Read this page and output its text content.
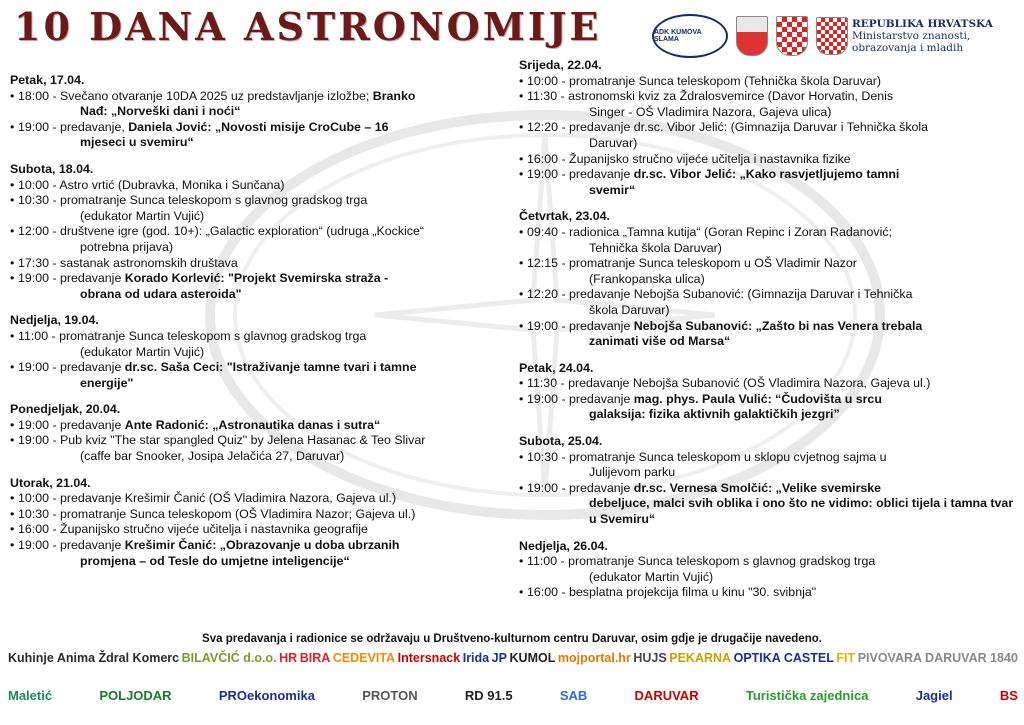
10 DANA ASTRONOMIJE	ADK KUMOVA SLAMA
REPUBLIKA HRVATSKA
Ministarstvo znanosti,
obrazovanja i mladih
Petak, 17.04.
• 18:00 - Svečano otvaranje 10DA 2025 uz predstavljanje izložbe; Branko
Nađ: „Norveški dani i noći“
• 19:00 - predavanje, Daniela Jović: „Novosti misije CroCube – 16
mjeseci u svemiru“
Subota, 18.04.
• 10:00 - Astro vrtić (Dubravka, Monika i Sunčana)
• 10:30 - promatranje Sunca teleskopom s glavnog gradskog trga
(edukator Martin Vujić)
• 12:00 - društvene igre (god. 10+): „Galactic exploration“ (udruga „Kockice“
potrebna prijava)
• 17:30 - sastanak astronomskih društava
• 19:00 - predavanje Korado Korlević: "Projekt Svemirska straža -
obrana od udara asteroida"
Nedjelja, 19.04.
• 11:00 - promatranje Sunca teleskopom s glavnog gradskog trga
(edukator Martin Vujić)
• 19:00 - predavanje dr.sc. Saša Ceci: "Istraživanje tamne tvari i tamne
energije"
Ponedjeljak, 20.04.
• 19:00 - predavanje Ante Radonić: „Astronautika danas i sutra“
• 19:00 - Pub kviz "The star spangled Quiz" by Jelena Hasanac & Teo Slivar
(caffe bar Snooker, Josipa Jelačića 27, Daruvar)
Utorak, 21.04.
• 10:00 - predavanje Krešimir Čanić (OŠ Vladimira Nazora, Gajeva ul.)
• 10:30 - promatranje Sunca teleskopom (OŠ Vladimira Nazor; Gajeva ul.)
• 16:00 - Županijsko stručno vijeće učitelja i nastavnika geografije
• 19:00 - predavanje Krešimir Čanić: „Obrazovanje u doba ubrzanih
promjena – od Tesle do umjetne inteligencije“
Srijeda, 22.04.
• 10:00 - promatranje Sunca teleskopom (Tehnička škola Daruvar)
• 11:30 - astronomski kviz za Ždralosvemirce (Davor Horvatin, Denis
Singer - OŠ Vladimira Nazora, Gajeva ulica)
• 12:20 - predavanje dr.sc. Vibor Jelić: (Gimnazija Daruvar i Tehnička škola
Daruvar)
• 16:00 - Županijsko stručno vijeće učitelja i nastavnika fizike
• 19:00 - predavanje dr.sc. Vibor Jelić: „Kako rasvjetljujemo tamni
svemir“
Četvrtak, 23.04.
• 09:40 - radionica „Tamna kutija“ (Goran Repinc i Zoran Radanović;
Tehnička škola Daruvar)
• 12:15 - promatranje Sunca teleskopom u OŠ Vladimir Nazor
(Frankopanska ulica)
• 12:20 - predavanje Nebojša Subanović: (Gimnazija Daruvar i Tehnička
škola Daruvar)
• 19:00 - predavanje Nebojša Subanović: „Zašto bi nas Venera trebala
zanimati više od Marsa“
Petak, 24.04.
• 11:30 - predavanje Nebojša Subanović (OŠ Vladimira Nazora, Gajeva ul.)
• 19:00 - predavanje mag. phys. Paula Vulić: “Čudovišta u srcu
galaksija: fizika aktivnih galaktičkih jezgri”
Subota, 25.04.
• 10:30 - promatranje Sunca teleskopom u sklopu cvjetnog sajma u
Julijevom parku
• 19:00 - predavanje dr.sc. Vernesa Smolčić: „Velike svemirske
debeljuce, malci svih oblika i ono što ne vidimo: oblici tijela i tamna tvar u Svemiru“
Nedjelja, 26.04.
• 11:00 - promatranje Sunca teleskopom s glavnog gradskog trga
(edukator Martin Vujić)
• 16:00 - besplatna projekcija filma u kinu "30. svibnja"
Sva predavanja i radionice se održavaju u Društveno-kulturnom centru Daruvar, osim gdje je drugačije navedeno.
Kuhinje Anima Ždral Komerc BILAVČIĆ d.o.o. HR BIRA CEDEVITA Intersnack Irida JP KUMOL mojportal.hr HUJS PEKARNA OPTIKA CASTEL FIT PIVOVARA DARUVAR 1840
Maletić	POLJODAR	PROekonomika	PROTON	RD 91.5	SAB	DARUVAR	Turistička zajednica	Jagiel	BS
